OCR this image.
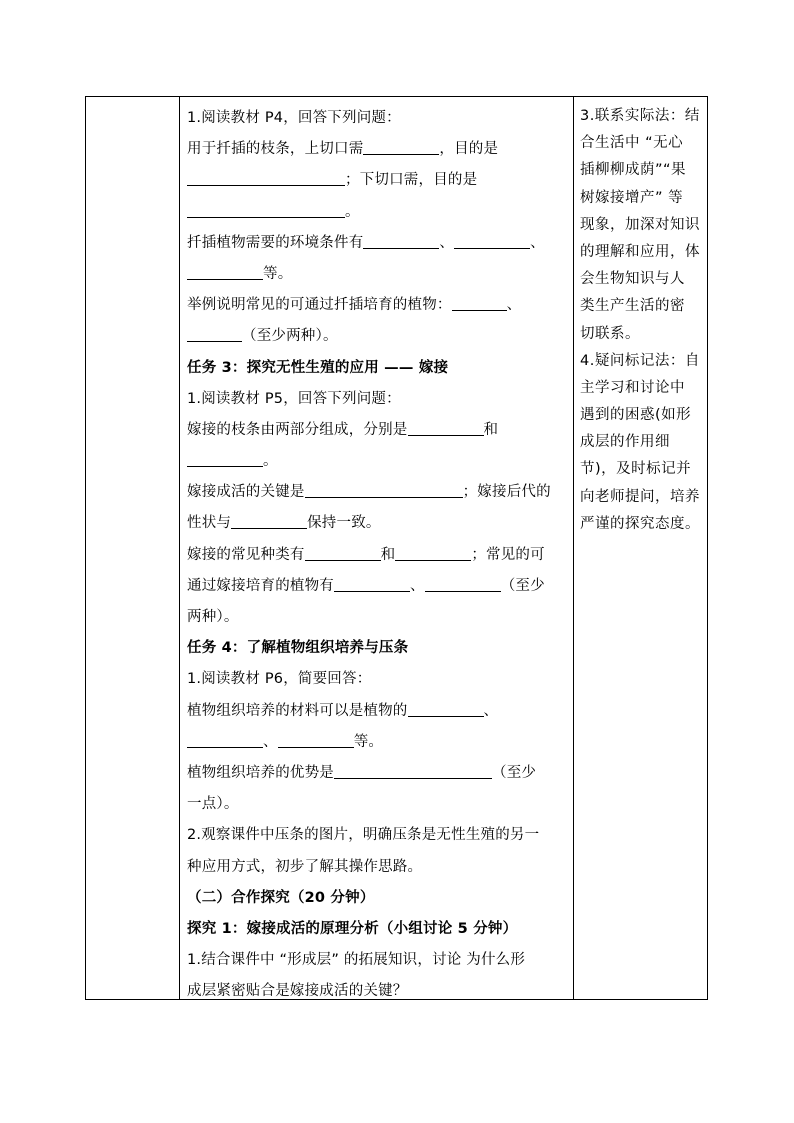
1.阅读教材 P4，回答下列问题：
用于扦插的枝条，上切口需	，目的是
；下切口需，目的是
。
扦插植物需要的环境条件有	、	、
等。
举例说明常见的可通过扦插培育的植物：	、
（至少两种）。
任务 3：探究无性生殖的应用 —— 嫁接
1.阅读教材 P5，回答下列问题：
嫁接的枝条由两部分组成，分别是	和
。
嫁接成活的关键是	；嫁接后代的
性状与	保持一致。
嫁接的常见种类有	和	；常见的可
通过嫁接培育的植物有	、	（至少
两种）。
任务 4：了解植物组织培养与压条
1.阅读教材 P6，简要回答：
植物组织培养的材料可以是植物的	、
、	等。
植物组织培养的优势是	（至少
一点）。
2.观察课件中压条的图片，明确压条是无性生殖的另一
种应用方式，初步了解其操作思路。
（二）合作探究（20 分钟）
探究 1：嫁接成活的原理分析（小组讨论 5 分钟）
1.结合课件中 “形成层” 的拓展知识，讨论 为什么形
成层紧密贴合是嫁接成活的关键？
3.联系实际法：结
合生活中 “无心
插柳柳成荫”“果
树嫁接增产” 等
现象，加深对知识
的理解和应用，体
会生物知识与人
类生产生活的密
切联系。
4.疑问标记法：自
主学习和讨论中
遇到的困惑(如形
成层的作用细
节)，及时标记并
向老师提问，培养
严谨的探究态度。
